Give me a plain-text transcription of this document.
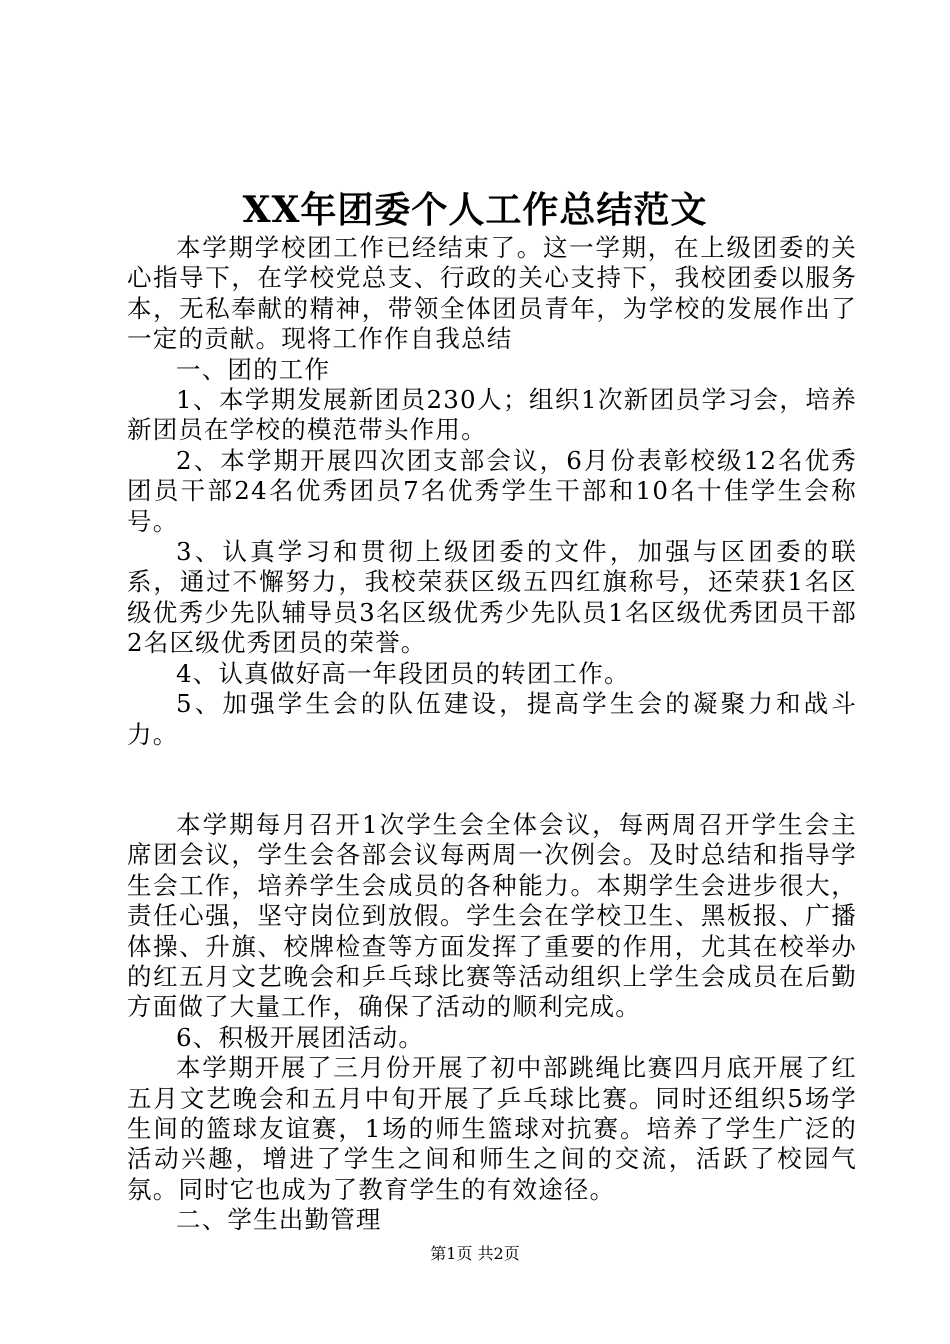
XX年团委个人工作总结范文

本学期学校团工作已经结束了。这一学期，在上级团委的关心指导下，在学校党总支、行政的关心支持下，我校团委以服务本，无私奉献的精神，带领全体团员青年，为学校的发展作出了一定的贡献。现将工作作自我总结

一、团的工作

1、本学期发展新团员230人；组织1次新团员学习会，培养新团员在学校的模范带头作用。

2、本学期开展四次团支部会议，6月份表彰校级12名优秀团员干部24名优秀团员7名优秀学生干部和10名十佳学生会称号。

3、认真学习和贯彻上级团委的文件，加强与区团委的联系，通过不懈努力，我校荣获区级五四红旗称号，还荣获1名区级优秀少先队辅导员3名区级优秀少先队员1名区级优秀团员干部2名区级优秀团员的荣誉。

4、认真做好高一年段团员的转团工作。

5、加强学生会的队伍建设，提高学生会的凝聚力和战斗力。

本学期每月召开1次学生会全体会议，每两周召开学生会主席团会议，学生会各部会议每两周一次例会。及时总结和指导学生会工作，培养学生会成员的各种能力。本期学生会进步很大，责任心强，坚守岗位到放假。学生会在学校卫生、黑板报、广播体操、升旗、校牌检查等方面发挥了重要的作用，尤其在校举办的红五月文艺晚会和乒乓球比赛等活动组织上学生会成员在后勤方面做了大量工作，确保了活动的顺利完成。

6、积极开展团活动。

本学期开展了三月份开展了初中部跳绳比赛四月底开展了红五月文艺晚会和五月中旬开展了乒乓球比赛。同时还组织5场学生间的篮球友谊赛，1场的师生篮球对抗赛。培养了学生广泛的活动兴趣，增进了学生之间和师生之间的交流，活跃了校园气氛。同时它也成为了教育学生的有效途径。

二、学生出勤管理

第1页 共2页
